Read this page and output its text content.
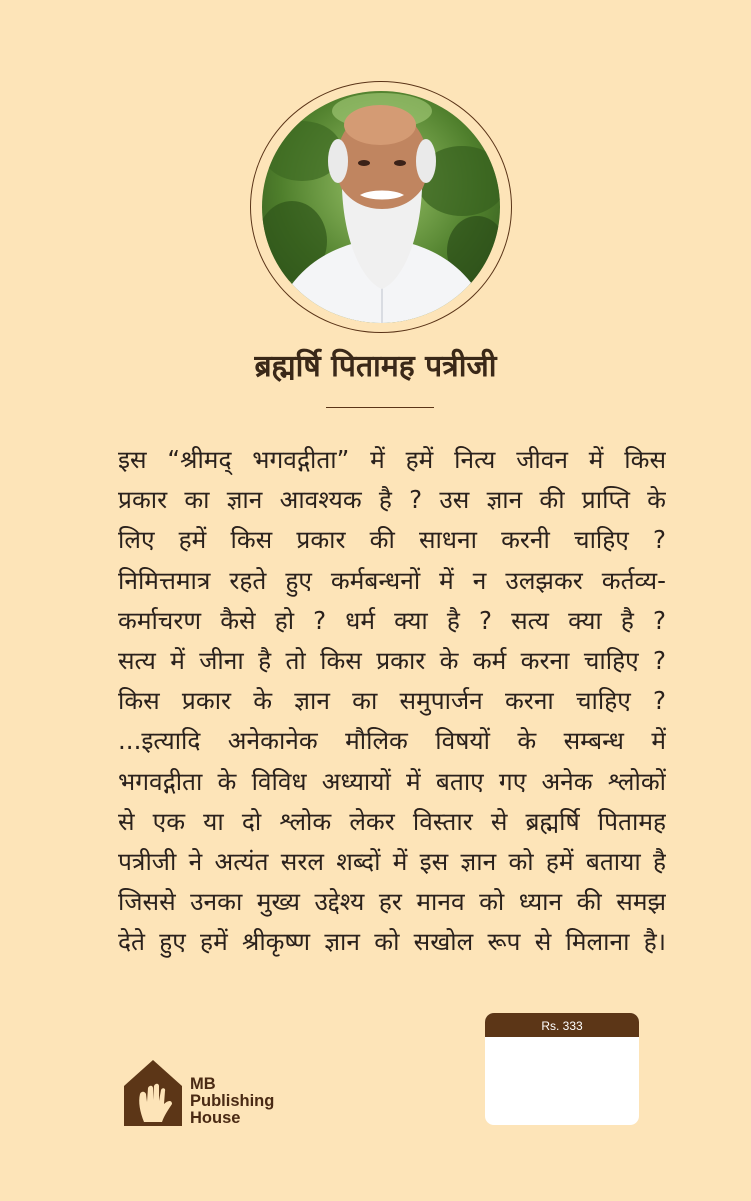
ब्रह्मर्षि पितामह पत्रीजी

इस “श्रीमद् भगवद्गीता” में हमें नित्य जीवन में किस
प्रकार का ज्ञान आवश्यक है ? उस ज्ञान की प्राप्ति के
लिए हमें किस प्रकार की साधना करनी चाहिए ?
निमित्तमात्र रहते हुए कर्मबन्धनों में न उलझकर कर्तव्य-
कर्माचरण कैसे हो ? धर्म क्या है ? सत्य क्या है ?
सत्य में जीना है तो किस प्रकार के कर्म करना चाहिए ?
किस प्रकार के ज्ञान का समुपार्जन करना चाहिए ?
...इत्यादि अनेकानेक मौलिक विषयों के सम्बन्ध में
भगवद्गीता के विविध अध्यायों में बताए गए अनेक श्लोकों
से एक या दो श्लोक लेकर विस्तार से ब्रह्मर्षि पितामह
पत्रीजी ने अत्यंत सरल शब्दों में इस ज्ञान को हमें बताया है
जिससे उनका मुख्य उद्देश्य हर मानव को ध्यान की समझ
देते हुए हमें श्रीकृष्ण ज्ञान को सखोल रूप से मिलाना है।

MB
Publishing
House
Rs. 333
